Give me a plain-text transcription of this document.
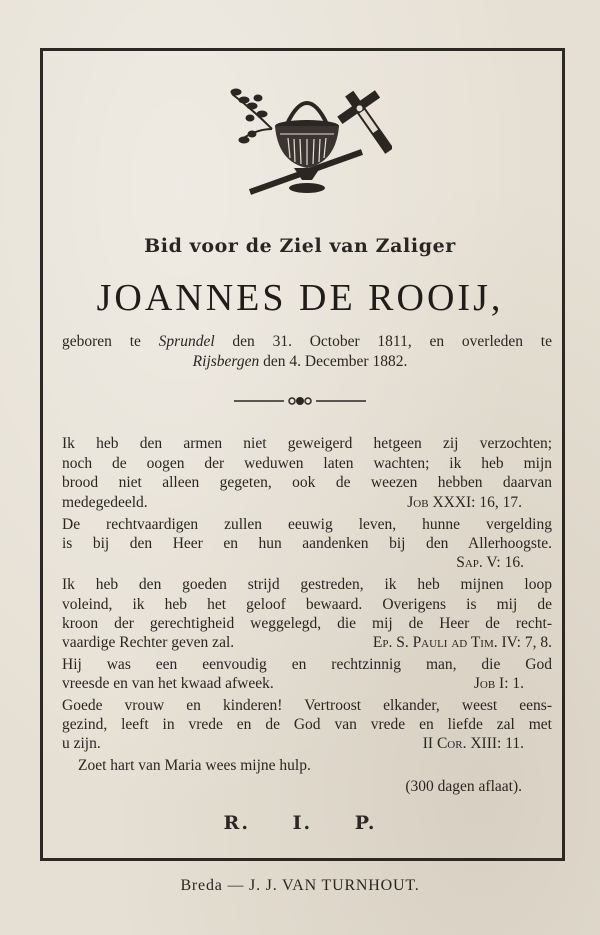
Bid voor de Ziel van Zaliger
JOANNES DE ROOIJ,
geboren te Sprundel den 31. October 1811, en overleden te
Rijsbergen den 4. December 1882.
Ik heb den armen niet geweigerd hetgeen zij verzochten;
noch de oogen der weduwen laten wachten; ik heb mijn
brood niet alleen gegeten, ook de weezen hebben daarvan
medegedeeld.	Job XXXI: 16, 17.
De rechtvaardigen zullen eeuwig leven, hunne vergelding
is bij den Heer en hun aandenken bij den Allerhoogste.
Sap. V: 16.
Ik heb den goeden strijd gestreden, ik heb mijnen loop
voleind, ik heb het geloof bewaard. Overigens is mij de
kroon der gerechtigheid weggelegd, die mij de Heer de recht-
vaardige Rechter geven zal.	Ep. S. Pauli ad Tim. IV: 7, 8.
Hij was een eenvoudig en rechtzinnig man, die God
vreesde en van het kwaad afweek.	Job I: 1.
Goede vrouw en kinderen! Vertroost elkander, weest eens-
gezind, leeft in vrede en de God van vrede en liefde zal met
u zijn.	II Cor. XIII: 11.
Zoet hart van Maria wees mijne hulp.
(300 dagen aflaat).
R. I. P.
Breda — J. J. VAN TURNHOUT.
